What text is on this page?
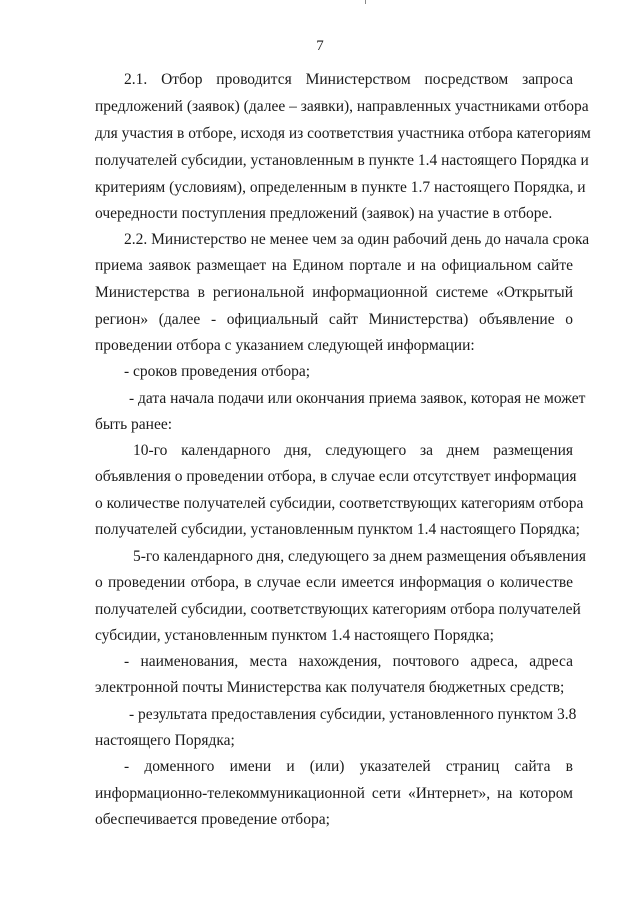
7
2.1. Отбор проводится Министерством посредством запроса
предложений (заявок) (далее – заявки), направленных участниками отбора
для участия в отборе, исходя из соответствия участника отбора категориям
получателей субсидии, установленным в пункте 1.4 настоящего Порядка и
критериям (условиям), определенным в пункте 1.7 настоящего Порядка, и
очередности поступления предложений (заявок) на участие в отборе.
2.2. Министерство не менее чем за один рабочий день до начала срока
приема заявок размещает на Едином портале и на официальном сайте
Министерства в региональной информационной системе «Открытый
регион» (далее - официальный сайт Министерства) объявление о
проведении отбора с указанием следующей информации:
- сроков проведения отбора;
- дата начала подачи или окончания приема заявок, которая не может
быть ранее:
10-го календарного дня, следующего за днем размещения
объявления о проведении отбора, в случае если отсутствует информация
о количестве получателей субсидии, соответствующих категориям отбора
получателей субсидии, установленным пунктом 1.4 настоящего Порядка;
5-го календарного дня, следующего за днем размещения объявления
о проведении отбора, в случае если имеется информация о количестве
получателей субсидии, соответствующих категориям отбора получателей
субсидии, установленным пунктом 1.4 настоящего Порядка;
- наименования, места нахождения, почтового адреса, адреса
электронной почты Министерства как получателя бюджетных средств;
- результата предоставления субсидии, установленного пунктом 3.8
настоящего Порядка;
- доменного имени и (или) указателей страниц сайта в
информационно-телекоммуникационной сети «Интернет», на котором
обеспечивается проведение отбора;
